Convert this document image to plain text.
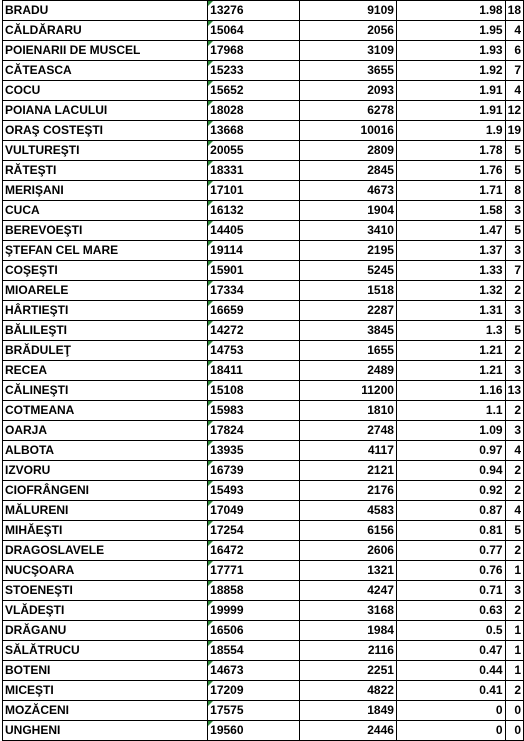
BRADU	13276	9109	1.98	18
CĂLDĂRARU	15064	2056	1.95	4
POIENARII DE MUSCEL	17968	3109	1.93	6
CĂTEASCA	15233	3655	1.92	7
COCU	15652	2093	1.91	4
POIANA LACULUI	18028	6278	1.91	12
ORAŞ COSTEŞTI	13668	10016	1.9	19
VULTUREŞTI	20055	2809	1.78	5
RĂTEŞTI	18331	2845	1.76	5
MERIŞANI	17101	4673	1.71	8
CUCA	16132	1904	1.58	3
BEREVOEŞTI	14405	3410	1.47	5
ŞTEFAN CEL MARE	19114	2195	1.37	3
COŞEŞTI	15901	5245	1.33	7
MIOARELE	17334	1518	1.32	2
HÂRTIEŞTI	16659	2287	1.31	3
BĂLILEŞTI	14272	3845	1.3	5
BRĂDULEŢ	14753	1655	1.21	2
RECEA	18411	2489	1.21	3
CĂLINEŞTI	15108	11200	1.16	13
COTMEANA	15983	1810	1.1	2
OARJA	17824	2748	1.09	3
ALBOTA	13935	4117	0.97	4
IZVORU	16739	2121	0.94	2
CIOFRÂNGENI	15493	2176	0.92	2
MĂLURENI	17049	4583	0.87	4
MIHĂEŞTI	17254	6156	0.81	5
DRAGOSLAVELE	16472	2606	0.77	2
NUCŞOARA	17771	1321	0.76	1
STOENEŞTI	18858	4247	0.71	3
VLĂDEŞTI	19999	3168	0.63	2
DRĂGANU	16506	1984	0.5	1
SĂLĂTRUCU	18554	2116	0.47	1
BOTENI	14673	2251	0.44	1
MICEŞTI	17209	4822	0.41	2
MOZĂCENI	17575	1849	0	0
UNGHENI	19560	2446	0	0
